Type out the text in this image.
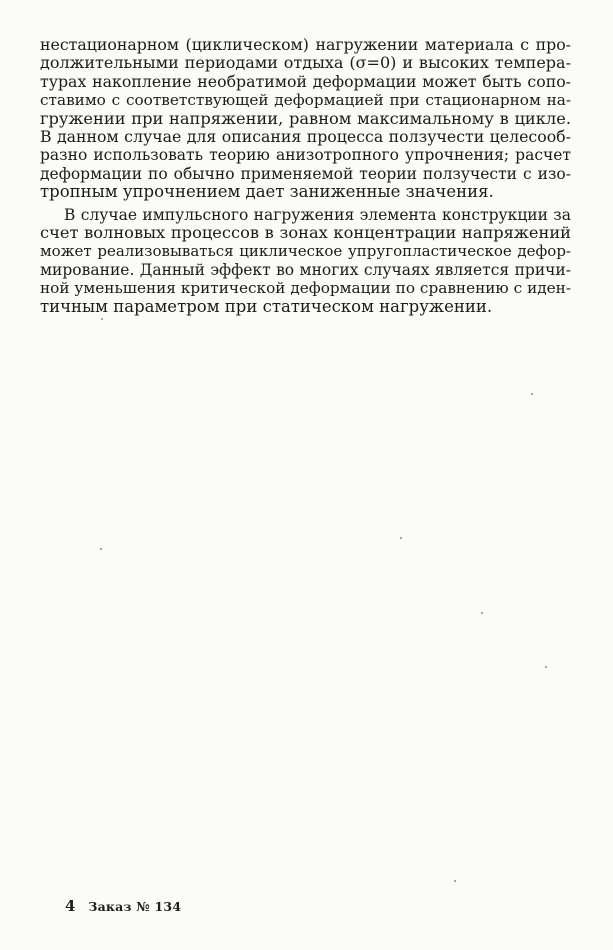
нестационарном (циклическом) нагружении материала с про-
должительными периодами отдыха (σ=0) и высоких темпера-
турах накопление необратимой деформации может быть сопо-
ставимо с соответствующей деформацией при стационарном на-
гружении при напряжении, равном максимальному в цикле.
В данном случае для описания процесса ползучести целесооб-
разно использовать теорию анизотропного упрочнения; расчет
деформации по обычно применяемой теории ползучести с изо-
тропным упрочнением дает заниженные значения.

В случае импульсного нагружения элемента конструкции за
счет волновых процессов в зонах концентрации напряжений
может реализовываться циклическое упругопластическое дефор-
мирование. Данный эффект во многих случаях является причи-
ной уменьшения критической деформации по сравнению с иден-
тичным параметром при статическом нагружении.

4 Заказ № 134
